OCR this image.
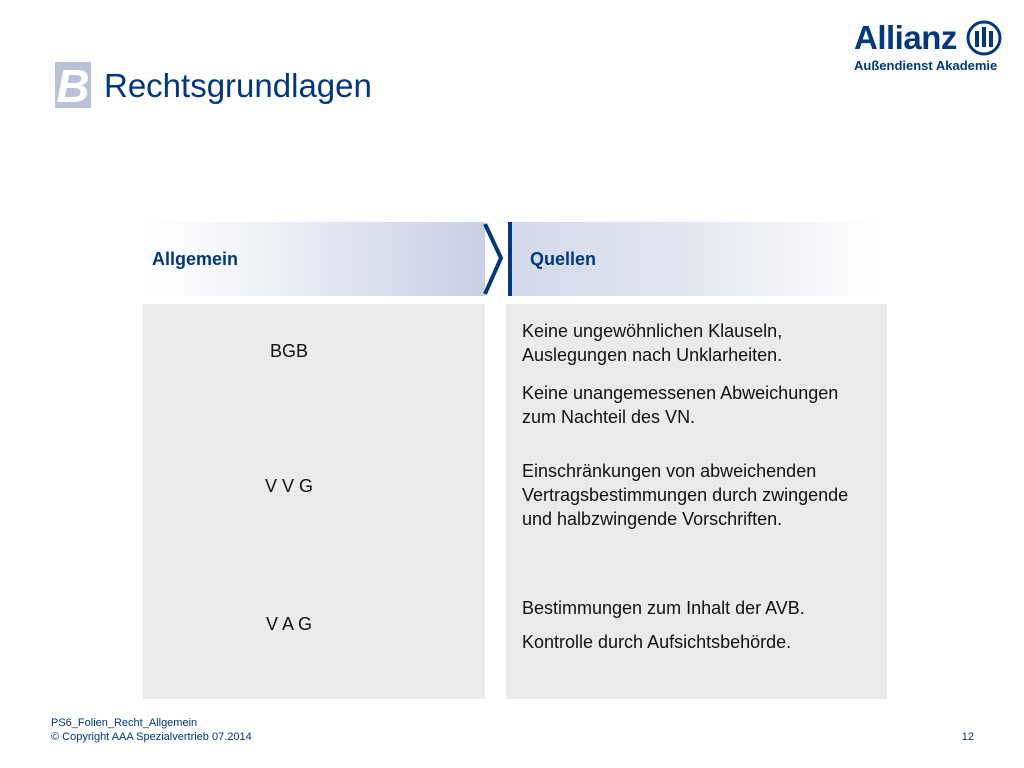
B Rechtsgrundlagen
Allianz
Außendienst Akademie
Allgemein	Quellen
BGB
V V G
V A G
Keine ungewöhnlichen Klauseln, Auslegungen nach Unklarheiten.
Keine unangemessenen Abweichungen zum Nachteil des VN.
Einschränkungen von abweichenden Vertragsbestimmungen durch zwingende und halbzwingende Vorschriften.
Bestimmungen zum Inhalt der AVB.
Kontrolle durch Aufsichtsbehörde.
PS6_Folien_Recht_Allgemein
© Copyright AAA Spezialvertrieb 07.2014	12
